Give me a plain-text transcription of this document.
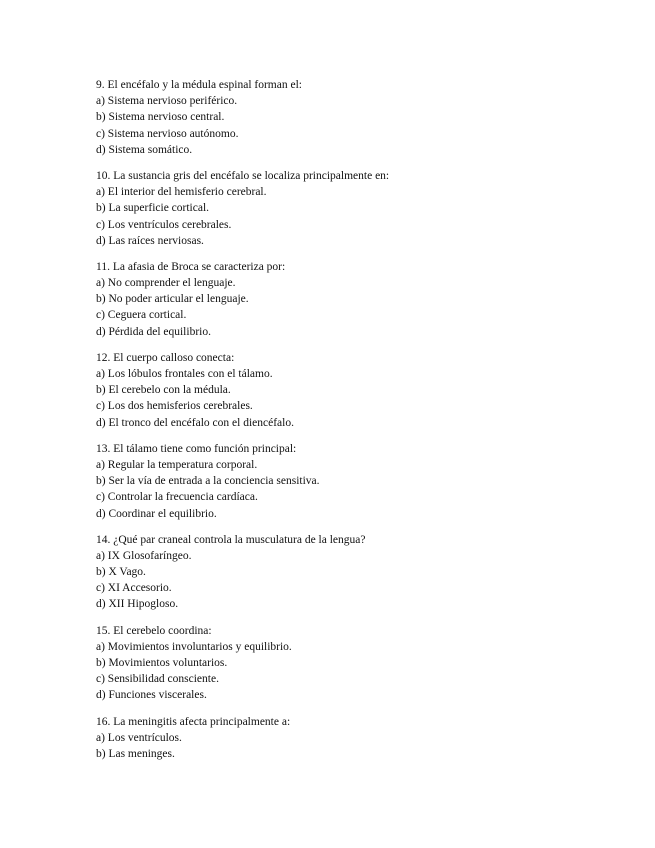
9. El encéfalo y la médula espinal forman el:
a) Sistema nervioso periférico.
b) Sistema nervioso central.
c) Sistema nervioso autónomo.
d) Sistema somático.
10. La sustancia gris del encéfalo se localiza principalmente en:
a) El interior del hemisferio cerebral.
b) La superficie cortical.
c) Los ventrículos cerebrales.
d) Las raíces nerviosas.
11. La afasia de Broca se caracteriza por:
a) No comprender el lenguaje.
b) No poder articular el lenguaje.
c) Ceguera cortical.
d) Pérdida del equilibrio.
12. El cuerpo calloso conecta:
a) Los lóbulos frontales con el tálamo.
b) El cerebelo con la médula.
c) Los dos hemisferios cerebrales.
d) El tronco del encéfalo con el diencéfalo.
13. El tálamo tiene como función principal:
a) Regular la temperatura corporal.
b) Ser la vía de entrada a la conciencia sensitiva.
c) Controlar la frecuencia cardíaca.
d) Coordinar el equilibrio.
14. ¿Qué par craneal controla la musculatura de la lengua?
a) IX Glosofaríngeo.
b) X Vago.
c) XI Accesorio.
d) XII Hipogloso.
15. El cerebelo coordina:
a) Movimientos involuntarios y equilibrio.
b) Movimientos voluntarios.
c) Sensibilidad consciente.
d) Funciones viscerales.
16. La meningitis afecta principalmente a:
a) Los ventrículos.
b) Las meninges.
